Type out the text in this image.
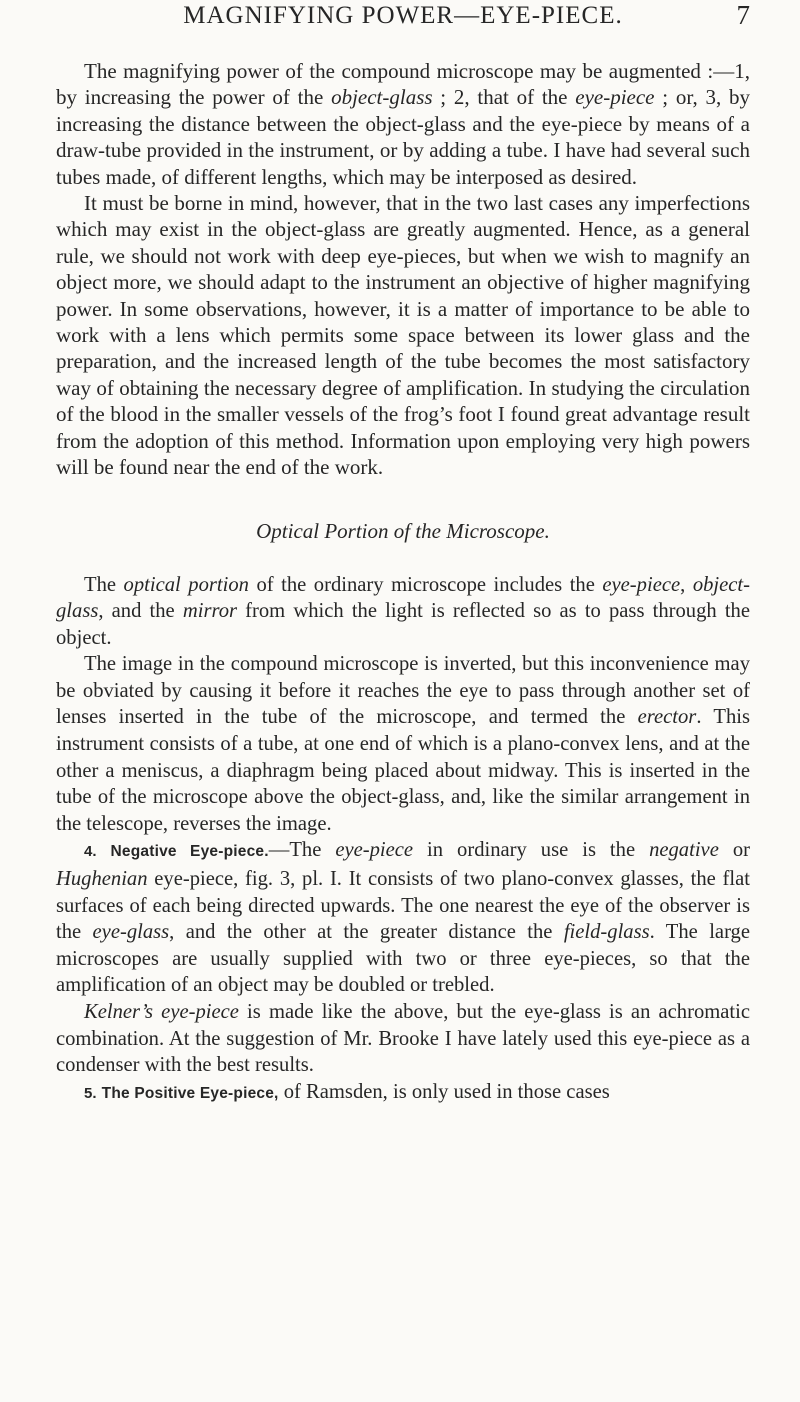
MAGNIFYING POWER—EYE-PIECE.	7

The magnifying power of the compound microscope may be augmented :—1, by increasing the power of the object-glass ; 2, that of the eye-piece ; or, 3, by increasing the distance between the object-glass and the eye-piece by means of a draw-tube provided in the instrument, or by adding a tube. I have had several such tubes made, of different lengths, which may be interposed as desired.

It must be borne in mind, however, that in the two last cases any imperfections which may exist in the object-glass are greatly augmented. Hence, as a general rule, we should not work with deep eye-pieces, but when we wish to magnify an object more, we should adapt to the instrument an objective of higher magnifying power. In some observations, however, it is a matter of importance to be able to work with a lens which permits some space between its lower glass and the preparation, and the increased length of the tube becomes the most satisfactory way of obtaining the necessary degree of amplification. In studying the circulation of the blood in the smaller vessels of the frog’s foot I found great advantage result from the adoption of this method. Information upon employing very high powers will be found near the end of the work.

Optical Portion of the Microscope.

The optical portion of the ordinary microscope includes the eye-piece, object-glass, and the mirror from which the light is reflected so as to pass through the object.

The image in the compound microscope is inverted, but this inconvenience may be obviated by causing it before it reaches the eye to pass through another set of lenses inserted in the tube of the microscope, and termed the erector. This instrument consists of a tube, at one end of which is a plano-convex lens, and at the other a meniscus, a diaphragm being placed about midway. This is inserted in the tube of the microscope above the object-glass, and, like the similar arrangement in the telescope, reverses the image.

4. Negative Eye-piece.—The eye-piece in ordinary use is the negative or Hughenian eye-piece, fig. 3, pl. I. It consists of two plano-convex glasses, the flat surfaces of each being directed upwards. The one nearest the eye of the observer is the eye-glass, and the other at the greater distance the field-glass. The large microscopes are usually supplied with two or three eye-pieces, so that the amplification of an object may be doubled or trebled.

Kelner’s eye-piece is made like the above, but the eye-glass is an achromatic combination. At the suggestion of Mr. Brooke I have lately used this eye-piece as a condenser with the best results.

5. The Positive Eye-piece, of Ramsden, is only used in those cases
